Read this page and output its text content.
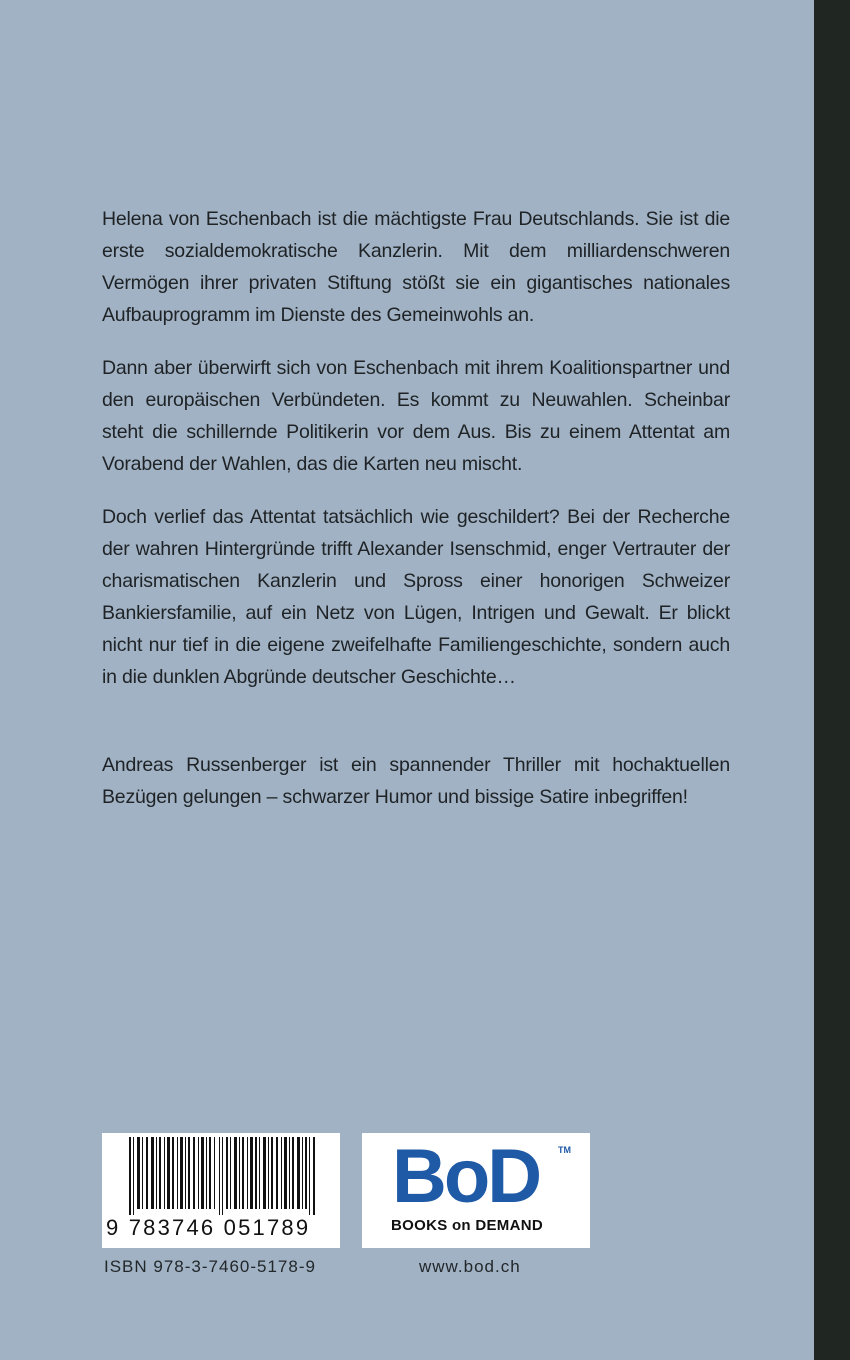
Helena von Eschenbach ist die mächtigste Frau Deutschlands. Sie ist die erste sozialdemokratische Kanzlerin. Mit dem milliardenschweren Vermögen ihrer privaten Stiftung stößt sie ein gigantisches nationales Aufbauprogramm im Dienste des Gemeinwohls an.

Dann aber überwirft sich von Eschenbach mit ihrem Koalitionspartner und den europäischen Verbündeten. Es kommt zu Neuwahlen. Scheinbar steht die schillernde Politikerin vor dem Aus. Bis zu einem Attentat am Vorabend der Wahlen, das die Karten neu mischt.

Doch verlief das Attentat tatsächlich wie geschildert? Bei der Recherche der wahren Hintergründe trifft Alexander Isenschmid, enger Vertrauter der charismatischen Kanzlerin und Spross einer honorigen Schweizer Bankiersfamilie, auf ein Netz von Lügen, Intrigen und Gewalt. Er blickt nicht nur tief in die eigene zweifelhafte Familiengeschichte, sondern auch in die dunklen Abgründe deutscher Geschichte…

Andreas Russenberger ist ein spannender Thriller mit hochaktuellen Bezügen gelungen – schwarzer Humor und bissige Satire inbegriffen!

9 783746 051789
ISBN 978-3-7460-5178-9
BoD TM
BOOKS on DEMAND
www.bod.ch
